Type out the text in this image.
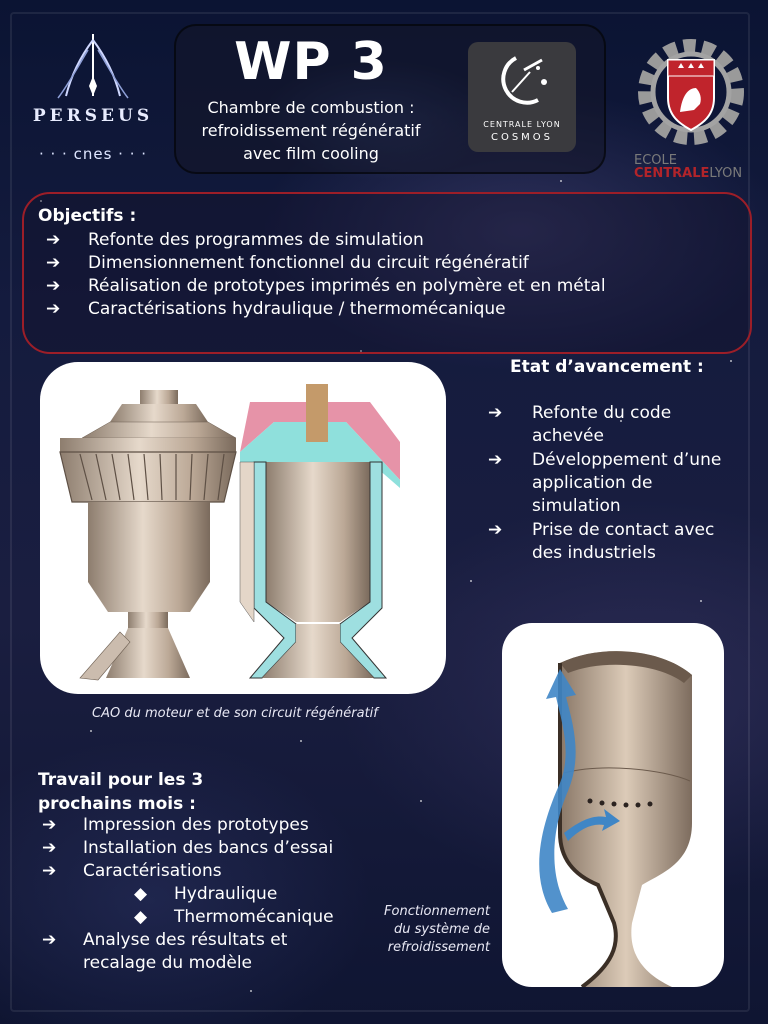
PERSEUS
· · · cnes · · ·
WP 3
Chambre de combustion :
refroidissement régénératif
avec film cooling
CENTRALE LYON
COSMOS
ECOLE
CENTRALELYON
Objectifs :
➔	Refonte des programmes de simulation
➔	Dimensionnement fonctionnel du circuit régénératif
➔	Réalisation de prototypes imprimés en polymère et en métal
➔	Caractérisations hydraulique / thermomécanique
CAO du moteur et de son circuit régénératif
Etat d’avancement :
➔	Refonte du code achevée
➔	Développement d’une application de simulation
➔	Prise de contact avec des industriels
Fonctionnement
du système de
refroidissement
Travail pour les 3 prochains mois :
➔	Impression des prototypes
➔	Installation des bancs d’essai
➔	Caractérisations
◆	Hydraulique
◆	Thermomécanique
➔	Analyse des résultats et recalage du modèle
